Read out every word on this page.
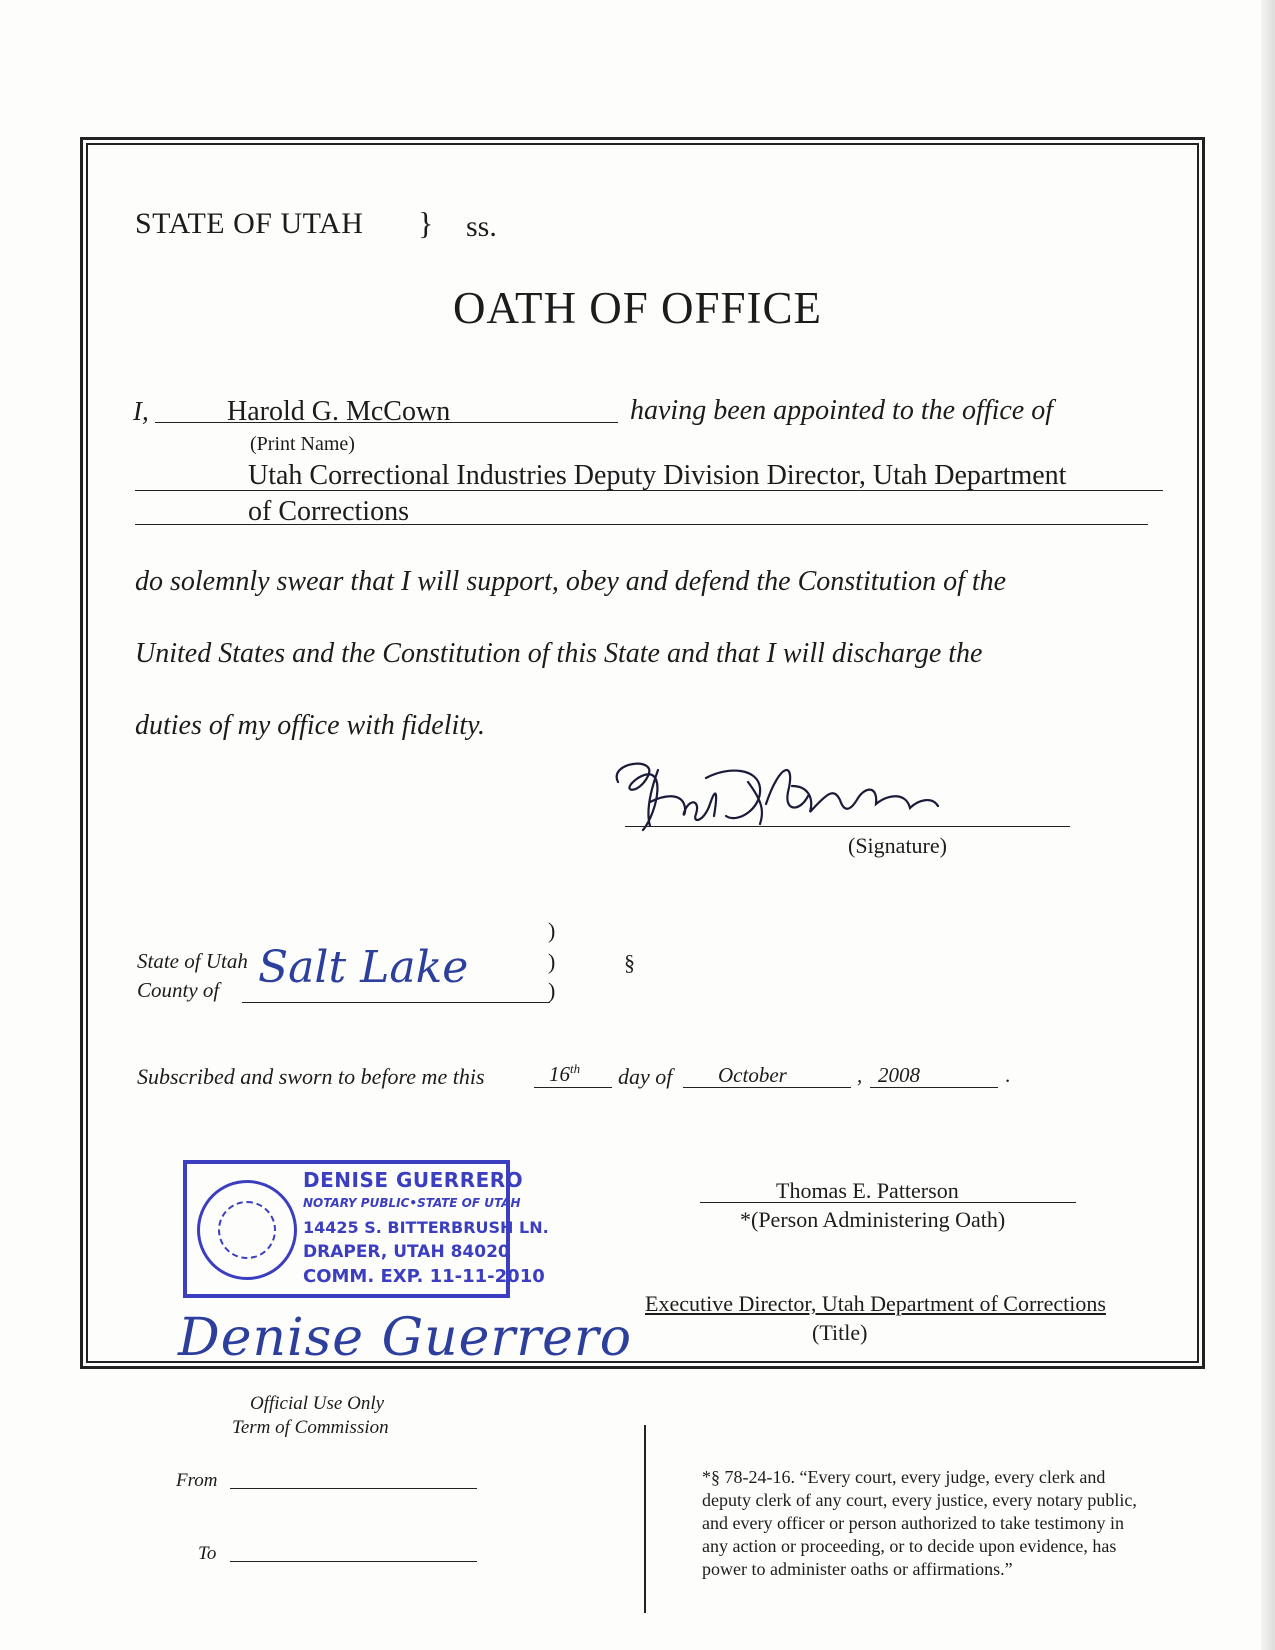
STATE OF UTAH } ss.
OATH OF OFFICE
I,	Harold G. McCown	having been appointed to the office of
(Print Name)
Utah Correctional Industries Deputy Division Director, Utah Department
of Corrections
do solemnly swear that I will support, obey and defend the Constitution of the
United States and the Constitution of this State and that I will discharge the
duties of my office with fidelity.
(Signature)
)
)
)
State of Utah
County of Salt Lake	§
Subscribed and sworn to before me this	16th day of October	, 2008	.
Thomas E. Patterson
*(Person Administering Oath)
Executive Director, Utah Department of Corrections
(Title)
DENISE GUERRERO
NOTARY PUBLIC•STATE OF UTAH
14425 S. BITTERBRUSH LN.
DRAPER, UTAH 84020
COMM. EXP. 11-11-2010
Denise Guerrero
Official Use Only
Term of Commission
From
To
*§ 78-24-16. “Every court, every judge, every clerk and
deputy clerk of any court, every justice, every notary public,
and every officer or person authorized to take testimony in
any action or proceeding, or to decide upon evidence, has
power to administer oaths or affirmations.”
